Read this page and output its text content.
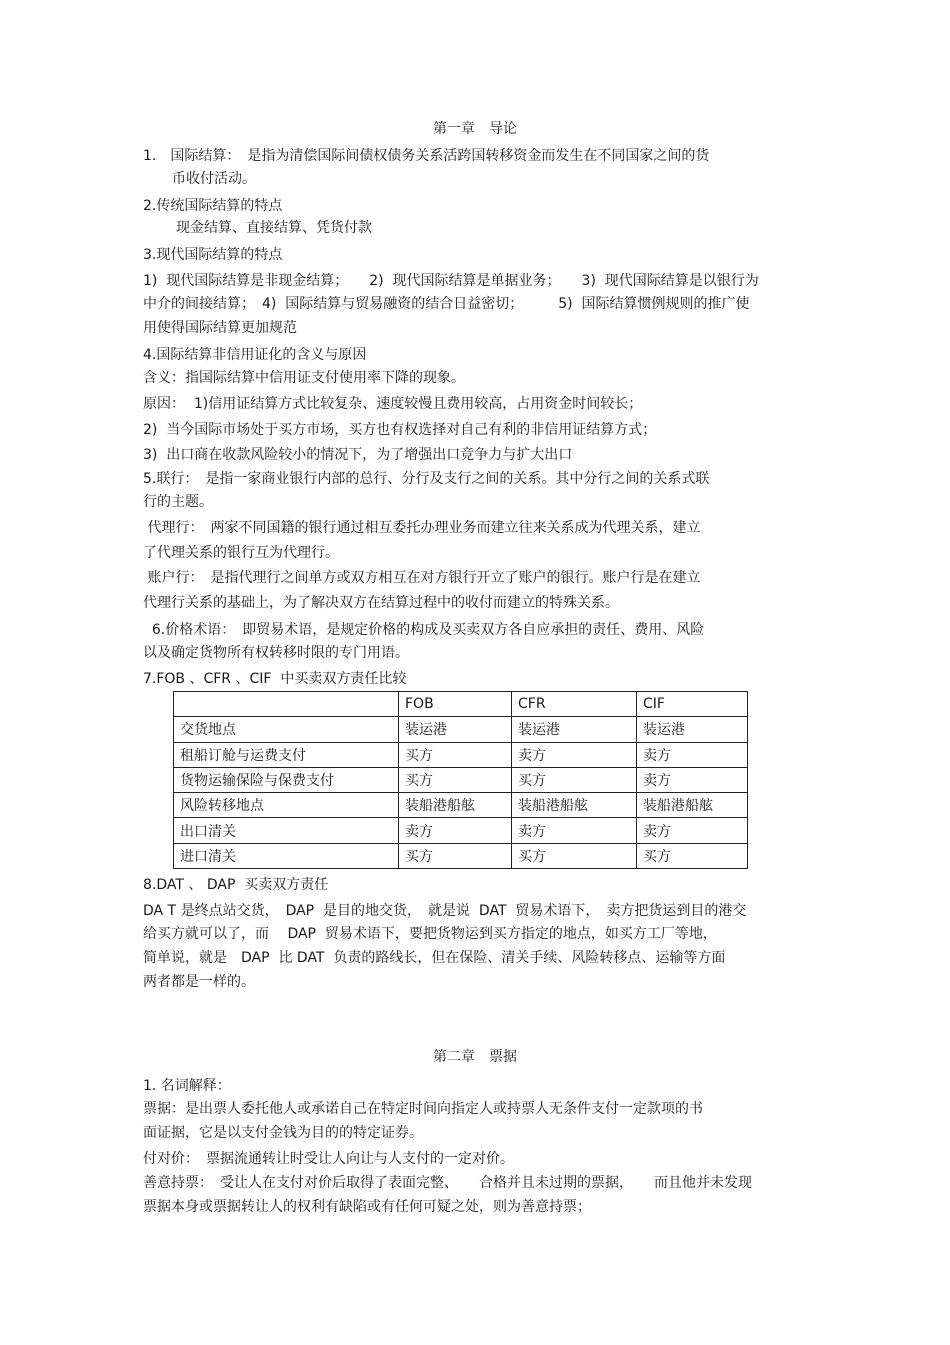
第一章　导论
1.　国际结算：　是指为清偿国际间债权债务关系活跨国转移资金而发生在不同国家之间的货
币收付活动。
2.传统国际结算的特点
现金结算、直接结算、凭货付款
3.现代国际结算的特点
1)  现代国际结算是非现金结算；　　2)  现代国际结算是单据业务；　　3)  现代国际结算是以银行为
中介的间接结算；　4)  国际结算与贸易融资的结合日益密切；　　　5)  国际结算惯例规则的推广使
用使得国际结算更加规范
4.国际结算非信用证化的含义与原因
含义：指国际结算中信用证支付使用率下降的现象。
原因：  1)信用证结算方式比较复杂、速度较慢且费用较高，占用资金时间较长；
2)  当今国际市场处于买方市场，买方也有权选择对自己有利的非信用证结算方式；
3)  出口商在收款风险较小的情况下，为了增强出口竞争力与扩大出口
5.联行：　是指一家商业银行内部的总行、分行及支行之间的关系。其中分行之间的关系式联
行的主题。
代理行：　两家不同国籍的银行通过相互委托办理业务而建立往来关系成为代理关系，建立
了代理关系的银行互为代理行。
账户行：　是指代理行之间单方或双方相互在对方银行开立了账户的银行。账户行是在建立
代理行关系的基础上，为了解决双方在结算过程中的收付而建立的特殊关系。
6.价格术语：　即贸易术语，是规定价格的构成及买卖双方各自应承担的责任、费用、风险
以及确定货物所有权转移时限的专门用语。
7.FOB 、CFR 、CIF  中买卖双方责任比较
	FOB	CFR	CIF
交货地点	装运港	装运港	装运港
租船订舱与运费支付	买方	卖方	卖方
货物运输保险与保费支付	买方	买方	卖方
风险转移地点	装船港船舷	装船港船舷	装船港船舷
出口清关	卖方	卖方	卖方
进口清关	买方	买方	买方
8.DAT 、 DAP  买卖双方责任
DA T 是终点站交货，　DAP  是目的地交货，　就是说  DAT  贸易术语下，　卖方把货运到目的港交
给买方就可以了，而　 DAP  贸易术语下，要把货物运到买方指定的地点，如买方工厂等地，
简单说，就是　DAP  比 DAT  负责的路线长，但在保险、清关手续、风险转移点、运输等方面
两者都是一样的。
第二章　票据
1. 名词解释：
票据：是出票人委托他人或承诺自己在特定时间向指定人或持票人无条件支付一定款项的书
面证据，它是以支付金钱为目的的特定证券。
付对价：　票据流通转让时受让人向让与人支付的一定对价。
善意持票：　受让人在支付对价后取得了表面完整、　　合格并且未过期的票据，　　而且他并未发现
票据本身或票据转让人的权利有缺陷或有任何可疑之处，则为善意持票；
